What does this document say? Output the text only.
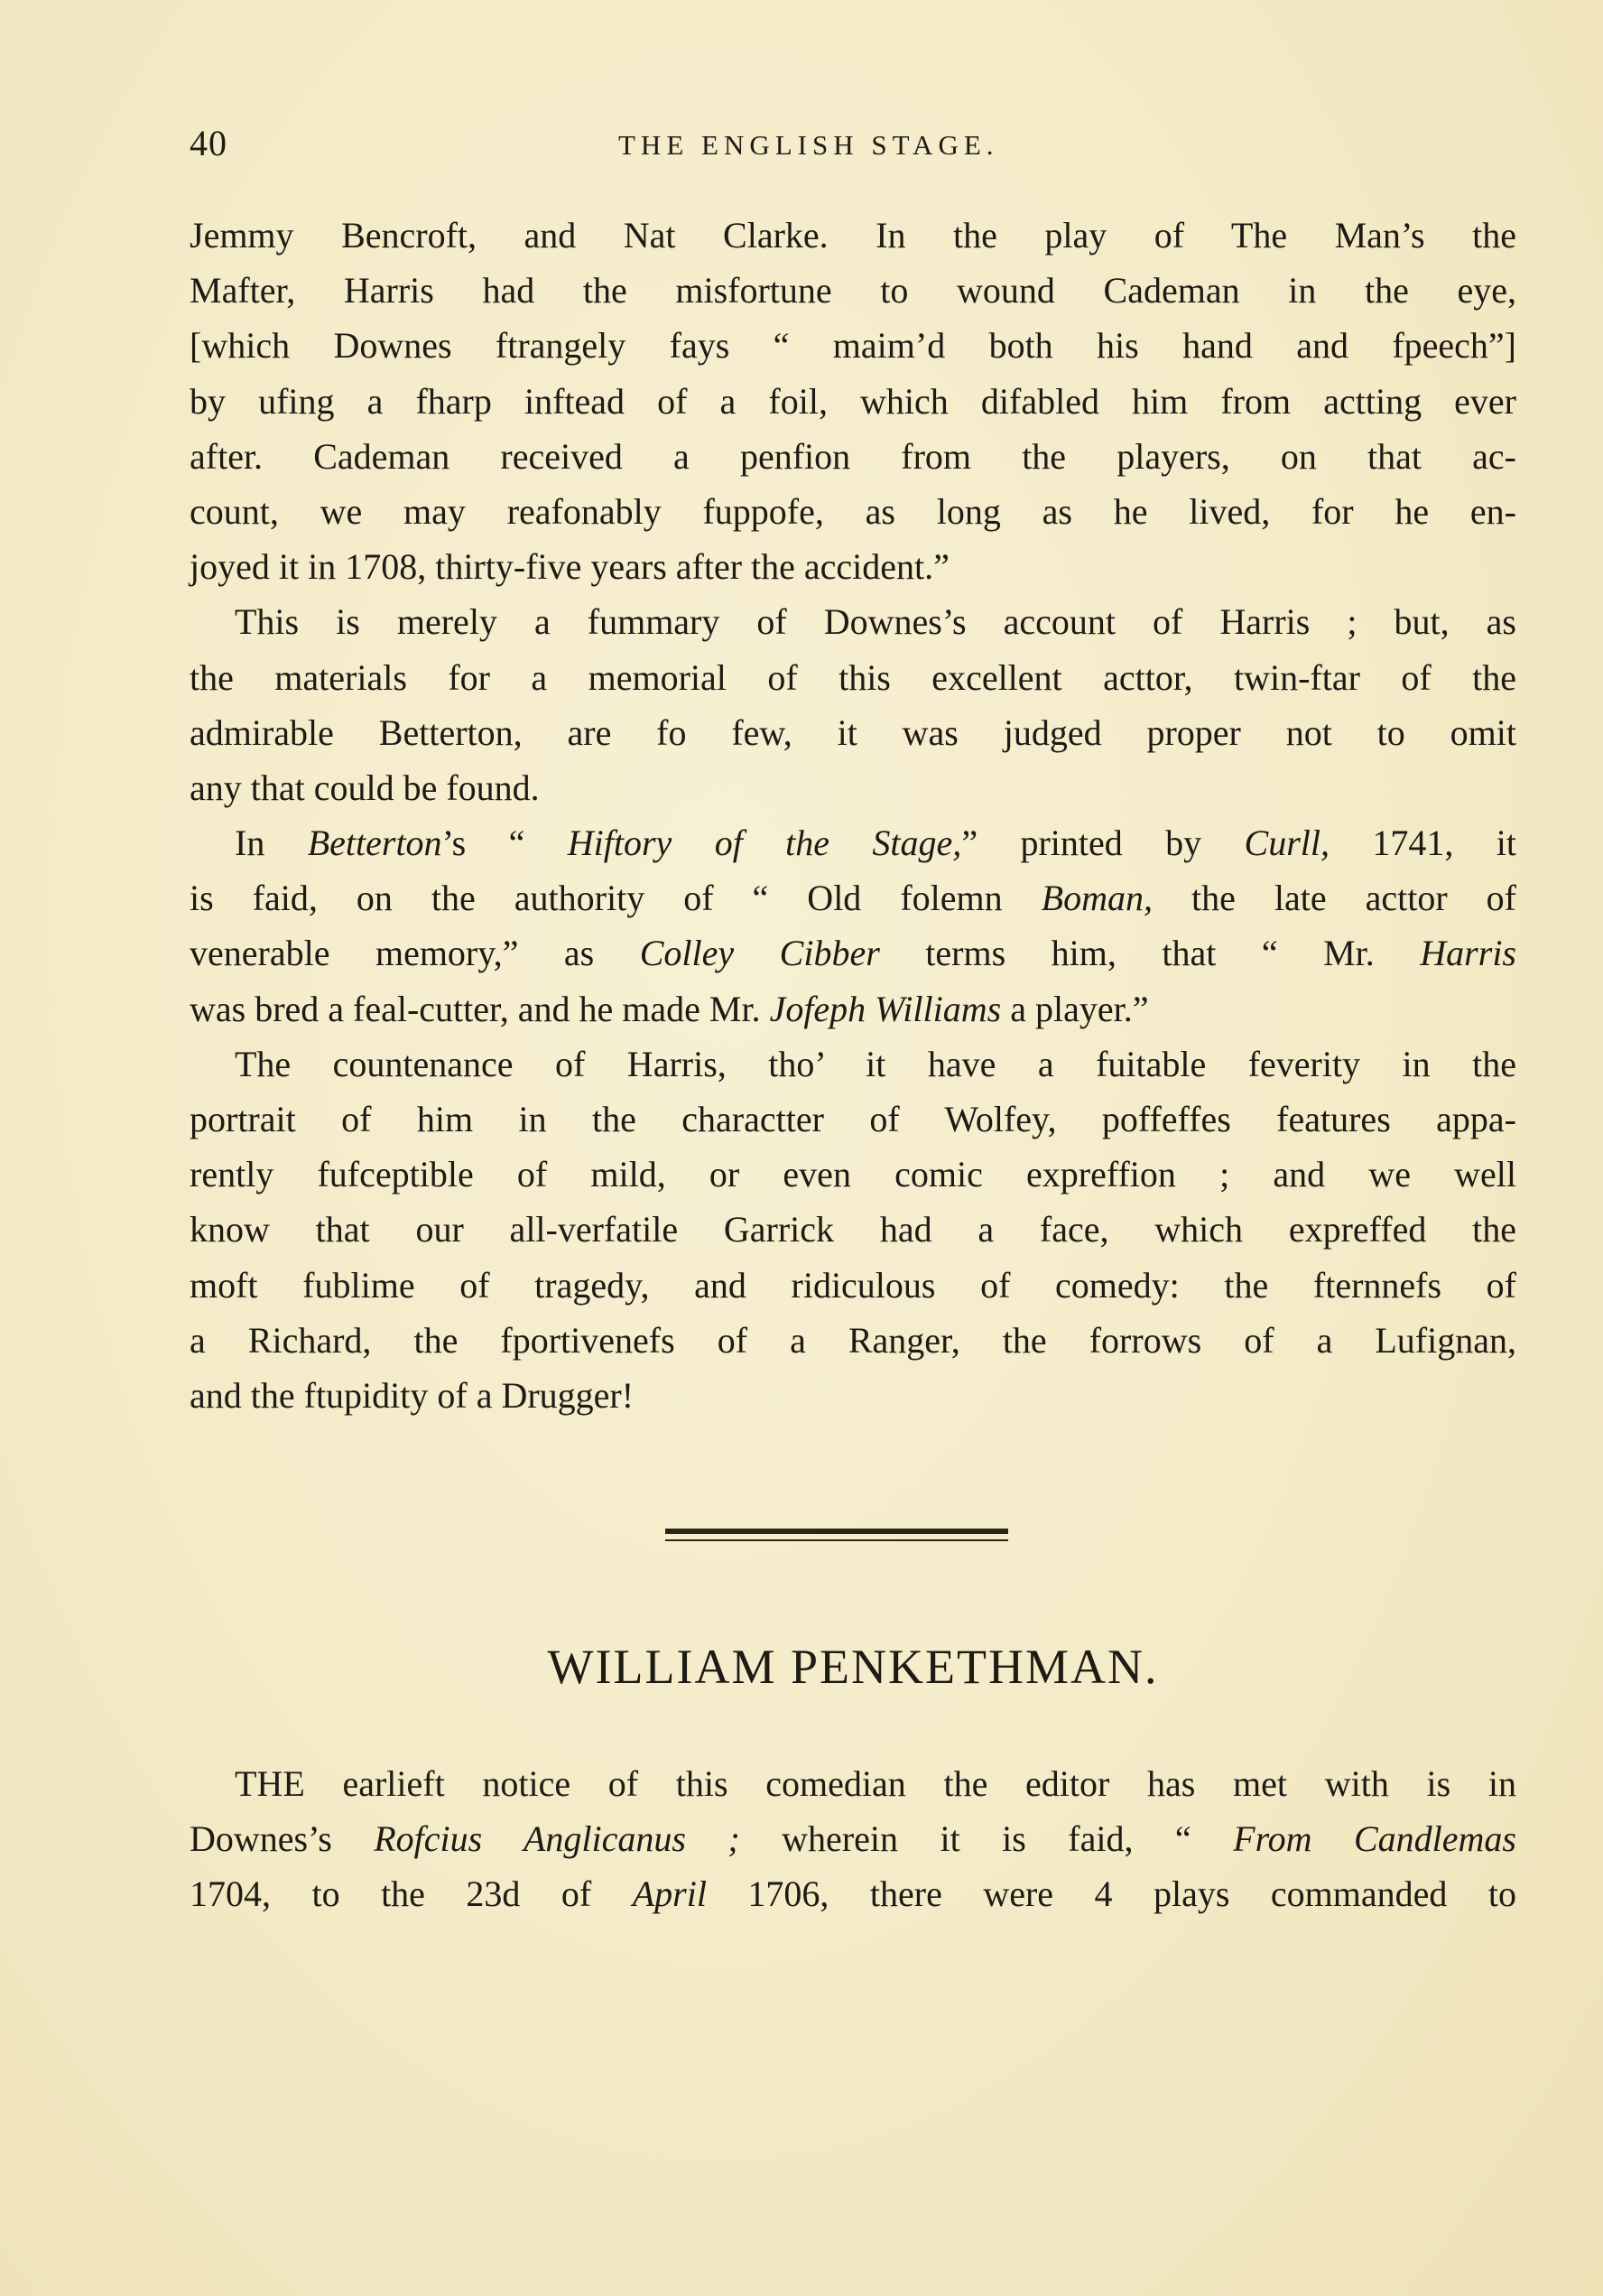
40	THE ENGLISH STAGE.
Jemmy Bencroft, and Nat Clarke. In the play of The Man’s the
Mafter, Harris had the misfortune to wound Cademan in the eye,
[which Downes ftrangely fays “ maim’d both his hand and fpeech”]
by ufing a fharp inftead of a foil, which difabled him from actting ever
after. Cademan received a penfion from the players, on that ac-
count, we may reafonably fuppofe, as long as he lived, for he en-
joyed it in 1708, thirty-five years after the accident.”
This is merely a fummary of Downes’s account of Harris ; but, as
the materials for a memorial of this excellent acttor, twin-ftar of the
admirable Betterton, are fo few, it was judged proper not to omit
any that could be found.
In Betterton’s “ Hiftory of the Stage,” printed by Curll, 1741, it
is faid, on the authority of “ Old folemn Boman, the late acttor of
venerable memory,” as Colley Cibber terms him, that “ Mr. Harris
was bred a feal-cutter, and he made Mr. Jofeph Williams a player.”
The countenance of Harris, tho’ it have a fuitable feverity in the
portrait of him in the charactter of Wolfey, poffeffes features appa-
rently fufceptible of mild, or even comic expreffion ; and we well
know that our all-verfatile Garrick had a face, which expreffed the
moft fublime of tragedy, and ridiculous of comedy: the fternnefs of
a Richard, the fportivenefs of a Ranger, the forrows of a Lufignan,
and the ftupidity of a Drugger!
WILLIAM PENKETHMAN.
THE earlieft notice of this comedian the editor has met with is in
Downes’s Rofcius Anglicanus ; wherein it is faid, “ From Candlemas
1704, to the 23d of April 1706, there were 4 plays commanded to
